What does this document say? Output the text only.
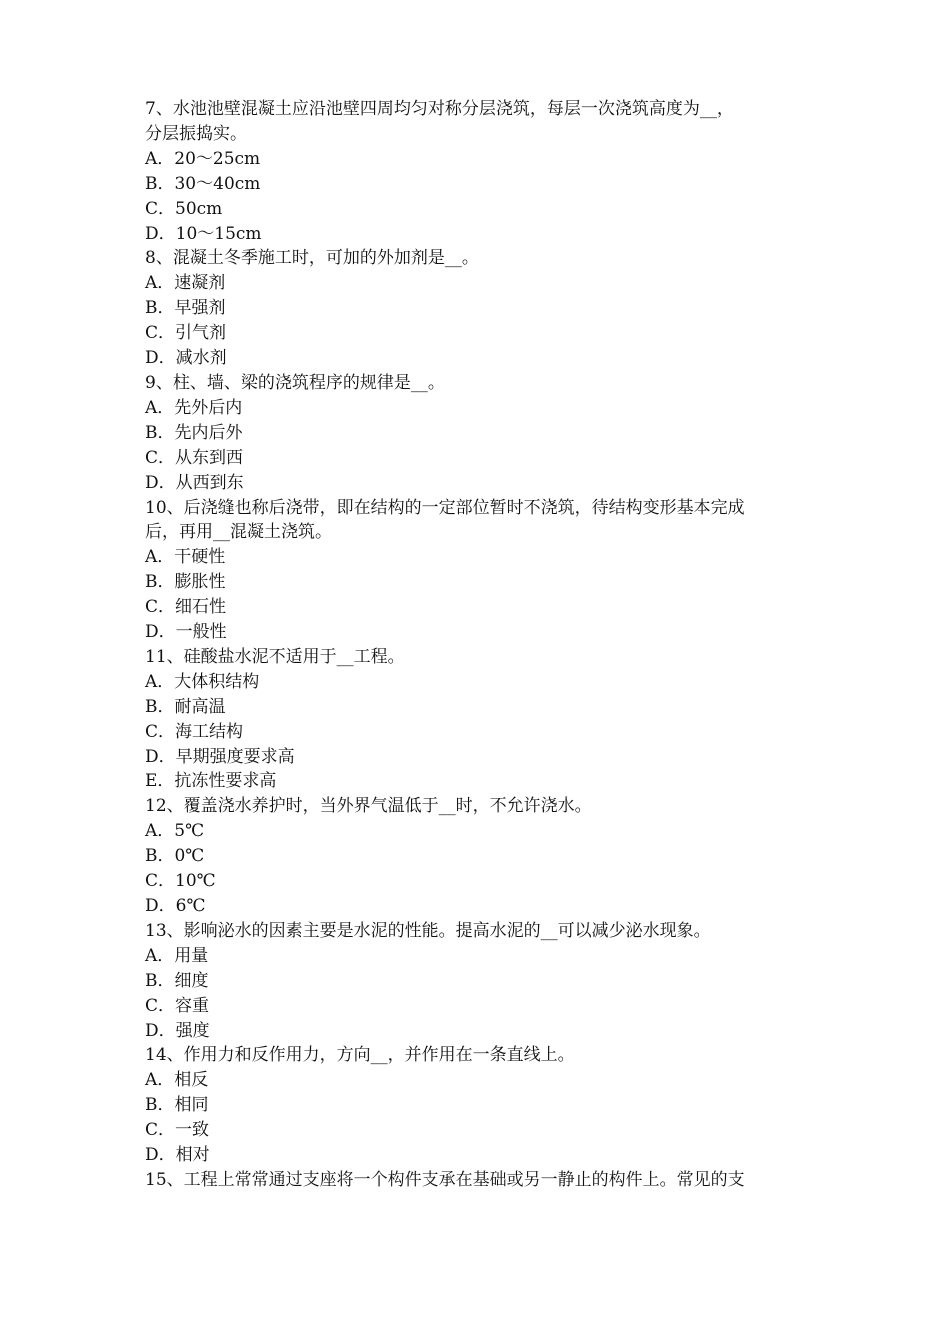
7、水池池壁混凝土应沿池壁四周均匀对称分层浇筑，每层一次浇筑高度为__，
分层振捣实。
A．20～25cm
B．30～40cm
C．50cm
D．10～15cm
8、混凝土冬季施工时，可加的外加剂是__。
A．速凝剂
B．早强剂
C．引气剂
D．减水剂
9、柱、墙、梁的浇筑程序的规律是__。
A．先外后内
B．先内后外
C．从东到西
D．从西到东
10、后浇缝也称后浇带，即在结构的一定部位暂时不浇筑，待结构变形基本完成
后，再用__混凝土浇筑。
A．干硬性
B．膨胀性
C．细石性
D．一般性
11、硅酸盐水泥不适用于__工程。
A．大体积结构
B．耐高温
C．海工结构
D．早期强度要求高
E．抗冻性要求高
12、覆盖浇水养护时，当外界气温低于__时，不允许浇水。
A．5℃
B．0℃
C．10℃
D．6℃
13、影响泌水的因素主要是水泥的性能。提高水泥的__可以减少泌水现象。
A．用量
B．细度
C．容重
D．强度
14、作用力和反作用力，方向__，并作用在一条直线上。
A．相反
B．相同
C．一致
D．相对
15、工程上常常通过支座将一个构件支承在基础或另一静止的构件上。常见的支
